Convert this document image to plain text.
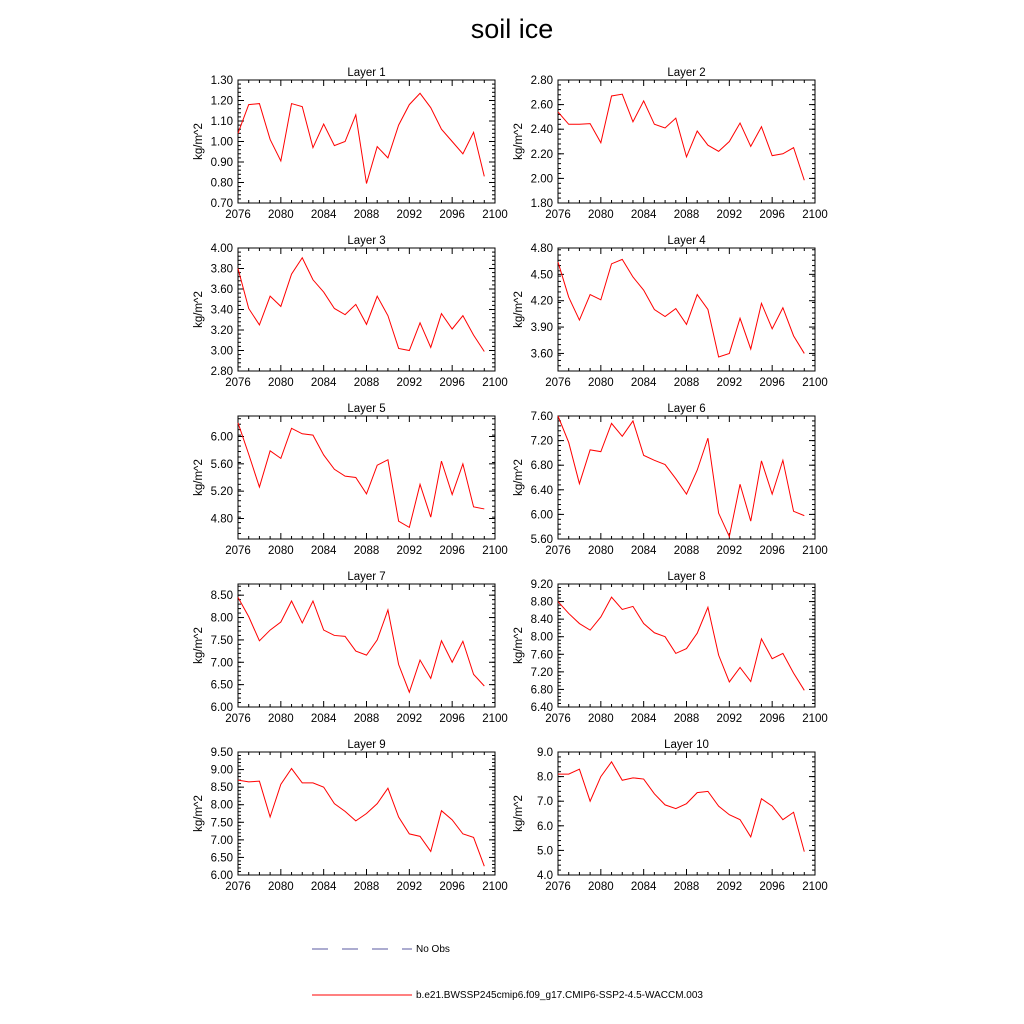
soil ice
2076 2080 2084 2088 2092 2096 2100
0.70
0.80
0.90
1.00
1.10
1.20
1.30
kg/m^2
Layer 1
2076 2080 2084 2088 2092 2096 2100
1.80
2.00
2.20
2.40
2.60
2.80
kg/m^2
Layer 2
2076 2080 2084 2088 2092 2096 2100
2.80
3.00
3.20
3.40
3.60
3.80
4.00
kg/m^2
Layer 3
2076 2080 2084 2088 2092 2096 2100
3.60
3.90
4.20
4.50
4.80
kg/m^2
Layer 4
2076 2080 2084 2088 2092 2096 2100
4.80
5.20
5.60
6.00
kg/m^2
Layer 5
2076 2080 2084 2088 2092 2096 2100
5.60
6.00
6.40
6.80
7.20
7.60
kg/m^2
Layer 6
2076 2080 2084 2088 2092 2096 2100
6.00
6.50
7.00
7.50
8.00
8.50
kg/m^2
Layer 7
2076 2080 2084 2088 2092 2096 2100
6.40
6.80
7.20
7.60
8.00
8.40
8.80
9.20
kg/m^2
Layer 8
2076 2080 2084 2088 2092 2096 2100
6.00
6.50
7.00
7.50
8.00
8.50
9.00
9.50
kg/m^2
Layer 9
2076 2080 2084 2088 2092 2096 2100
4.0
5.0
6.0
7.0
8.0
9.0
kg/m^2
Layer 10
No Obs
b.e21.BWSSP245cmip6.f09_g17.CMIP6-SSP2-4.5-WACCM.003
